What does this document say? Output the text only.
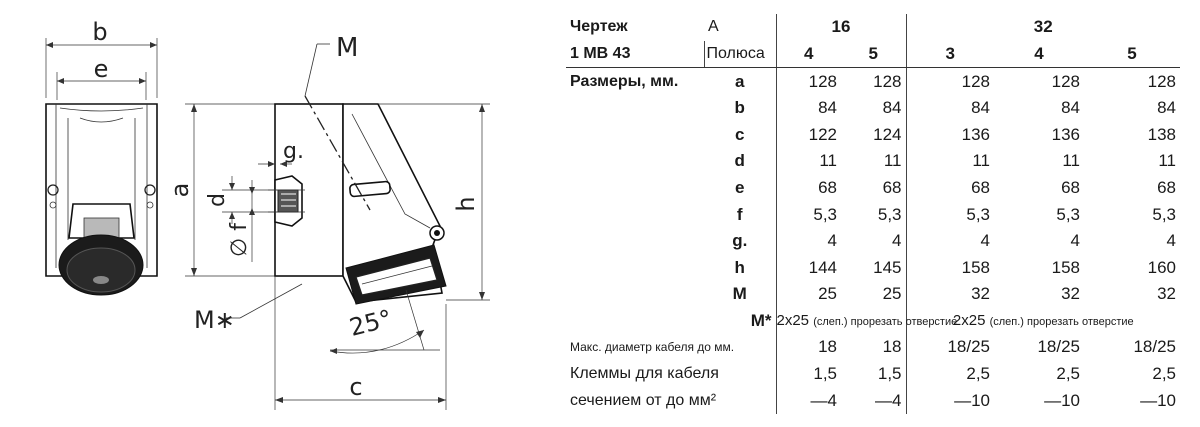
b
e
a
M
g.
d
∅ f
h
M∗	25°
c
Чертеж	A	16		32		
1 MB 43	Полюса	4	5	3	4	5
Размеры, мм.	a	128	128	128	128	128
	b	84	84	84	84	84
	c	122	124	136	136	138
	d	11	11	11	11	11
	e	68	68	68	68	68
	f	5,3	5,3	5,3	5,3	5,3
	g.	4	4	4	4	4
	h	144	145	158	158	160
	M	25	25	32	32	32
	M*	2x25 (слеп.) прорезать отверстие		2x25 (слеп.) прорезать отверстие		
Макс. диаметр кабеля до мм.		18	18	18/25	18/25	18/25
Клеммы для кабеля		1,5	1,5	2,5	2,5	2,5
сечением от до мм²		—4	—4	—10	—10	—10
